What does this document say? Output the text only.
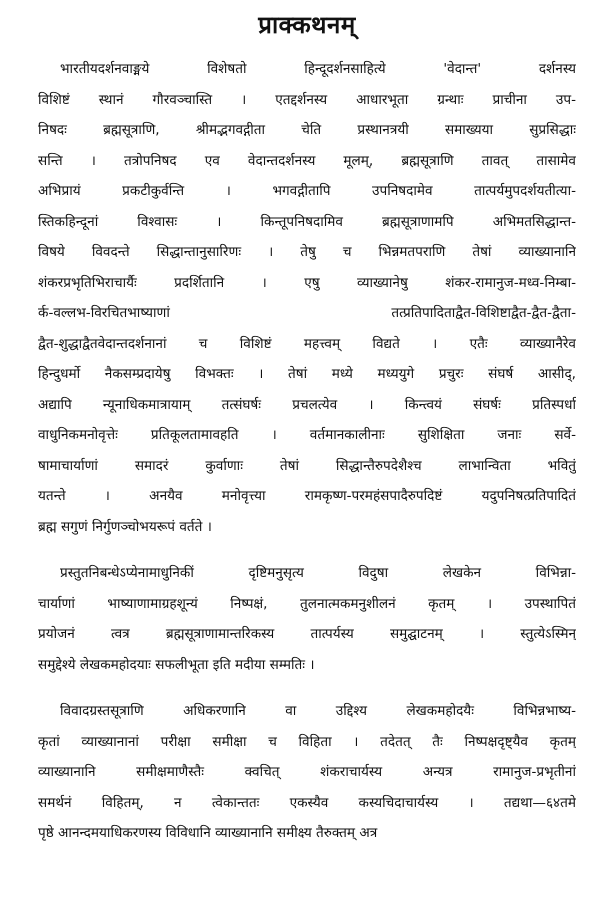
प्राक्कथनम्
भारतीयदर्शनवाङ्मये विशेषतो हिन्दूदर्शनसाहित्ये 'वेदान्त' दर्शनस्य
विशिष्टं स्थानं गौरवञ्चास्ति । एतद्दर्शनस्य आधारभूता ग्रन्थाः प्राचीना उप-
निषदः ब्रह्मसूत्राणि, श्रीमद्भगवद्गीता चेति प्रस्थानत्रयी समाख्यया सुप्रसिद्धाः
सन्ति । तत्रोपनिषद एव वेदान्तदर्शनस्य मूलम्, ब्रह्मसूत्राणि तावत् तासामेव
अभिप्रायं प्रकटीकुर्वन्ति । भगवद्गीतापि उपनिषदामेव तात्पर्यमुपदर्शयतीत्या-
स्तिकहिन्दूनां विश्वासः । किन्तूपनिषदामिव ब्रह्मसूत्राणामपि अभिमतसिद्धान्त-
विषये विवदन्ते सिद्धान्तानुसारिणः । तेषु च भिन्नमतपराणि तेषां व्याख्यानानि
शंकरप्रभृतिभिराचार्यैः प्रदर्शितानि । एषु व्याख्यानेषु शंकर-रामानुज-मध्व-निम्बा-
र्क-वल्लभ-विरचितभाष्याणां तत्प्रतिपादिताद्वैत-विशिष्टाद्वैत-द्वैत-द्वैता-
द्वैत-शुद्धाद्वैतवेदान्तदर्शनानां च विशिष्टं महत्त्वम् विद्यते । एतैः व्याख्यानैरेव
हिन्दुधर्मो नैकसम्प्रदायेषु विभक्तः । तेषां मध्ये मध्ययुगे प्रचुरः संघर्ष आसीद्,
अद्यापि न्यूनाधिकमात्रायाम् तत्संघर्षः प्रचलत्येव । किन्त्वयं संघर्षः प्रतिस्पर्धा
वाधुनिकमनोवृत्तेः प्रतिकूलतामावहति । वर्तमानकालीनाः सुशिक्षिता जनाः सर्वे-
षामाचार्याणां समादरं कुर्वाणाः तेषां सिद्धान्तैरुपदेशैश्च लाभान्विता भवितुं
यतन्ते । अनयैव मनोवृत्त्या रामकृष्ण-परमहंसपादैरुपदिष्टं यदुपनिषत्प्रतिपादितं
ब्रह्म सगुणं निर्गुणञ्चोभयरूपं वर्तते ।
प्रस्तुतनिबन्धेऽप्येनामाधुनिकीं दृष्टिमनुसृत्य विदुषा लेखकेन विभिन्ना-
चार्याणां भाष्याणामाग्रहशून्यं निष्पक्षं, तुलनात्मकमनुशीलनं कृतम् । उपस्थापितं
प्रयोजनं त्वत्र ब्रह्मसूत्राणामान्तरिकस्य तात्पर्यस्य समुद्घाटनम् । स्तुत्येऽस्मिन्
समुद्देश्ये लेखकमहोदयाः सफलीभूता इति मदीया सम्मतिः ।
विवादग्रस्तसूत्राणि अधिकरणानि वा उद्दिश्य लेखकमहोदयैः विभिन्नभाष्य-
कृतां व्याख्यानानां परीक्षा समीक्षा च विहिता । तदेतत् तैः निष्पक्षदृष्ट्यैव कृतम्
व्याख्यानानि समीक्षमाणैस्तैः क्वचित् शंकराचार्यस्य अन्यत्र रामानुज-प्रभृतीनां
समर्थनं विहितम्, न त्वेकान्ततः एकस्यैव कस्यचिदाचार्यस्य । तद्यथा—६४तमे
पृष्ठे आनन्दमयाधिकरणस्य विविधानि व्याख्यानानि समीक्ष्य तैरुक्तम् अत्र
